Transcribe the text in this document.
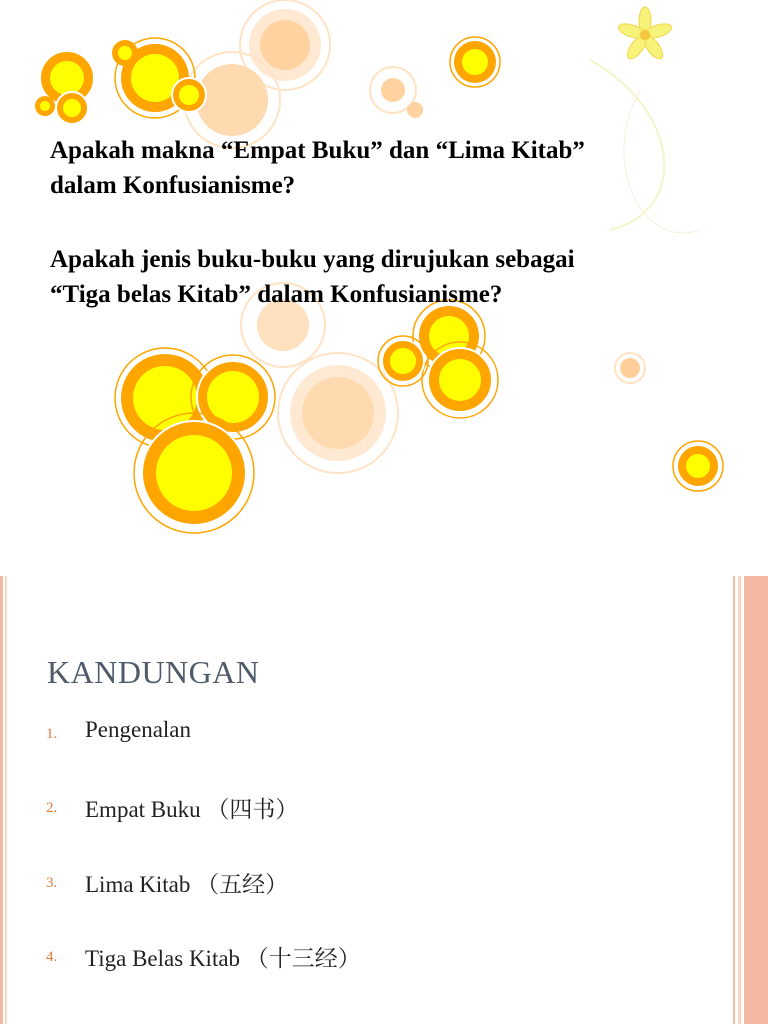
Apakah makna “Empat Buku” dan “Lima Kitab” dalam Konfusianisme?

Apakah jenis buku-buku yang dirujukan sebagai “Tiga belas Kitab” dalam Konfusianisme?

KANDUNGAN
1. Pengenalan
2. Empat Buku （四书）
3. Lima Kitab （五经）
4. Tiga Belas Kitab （十三经）
